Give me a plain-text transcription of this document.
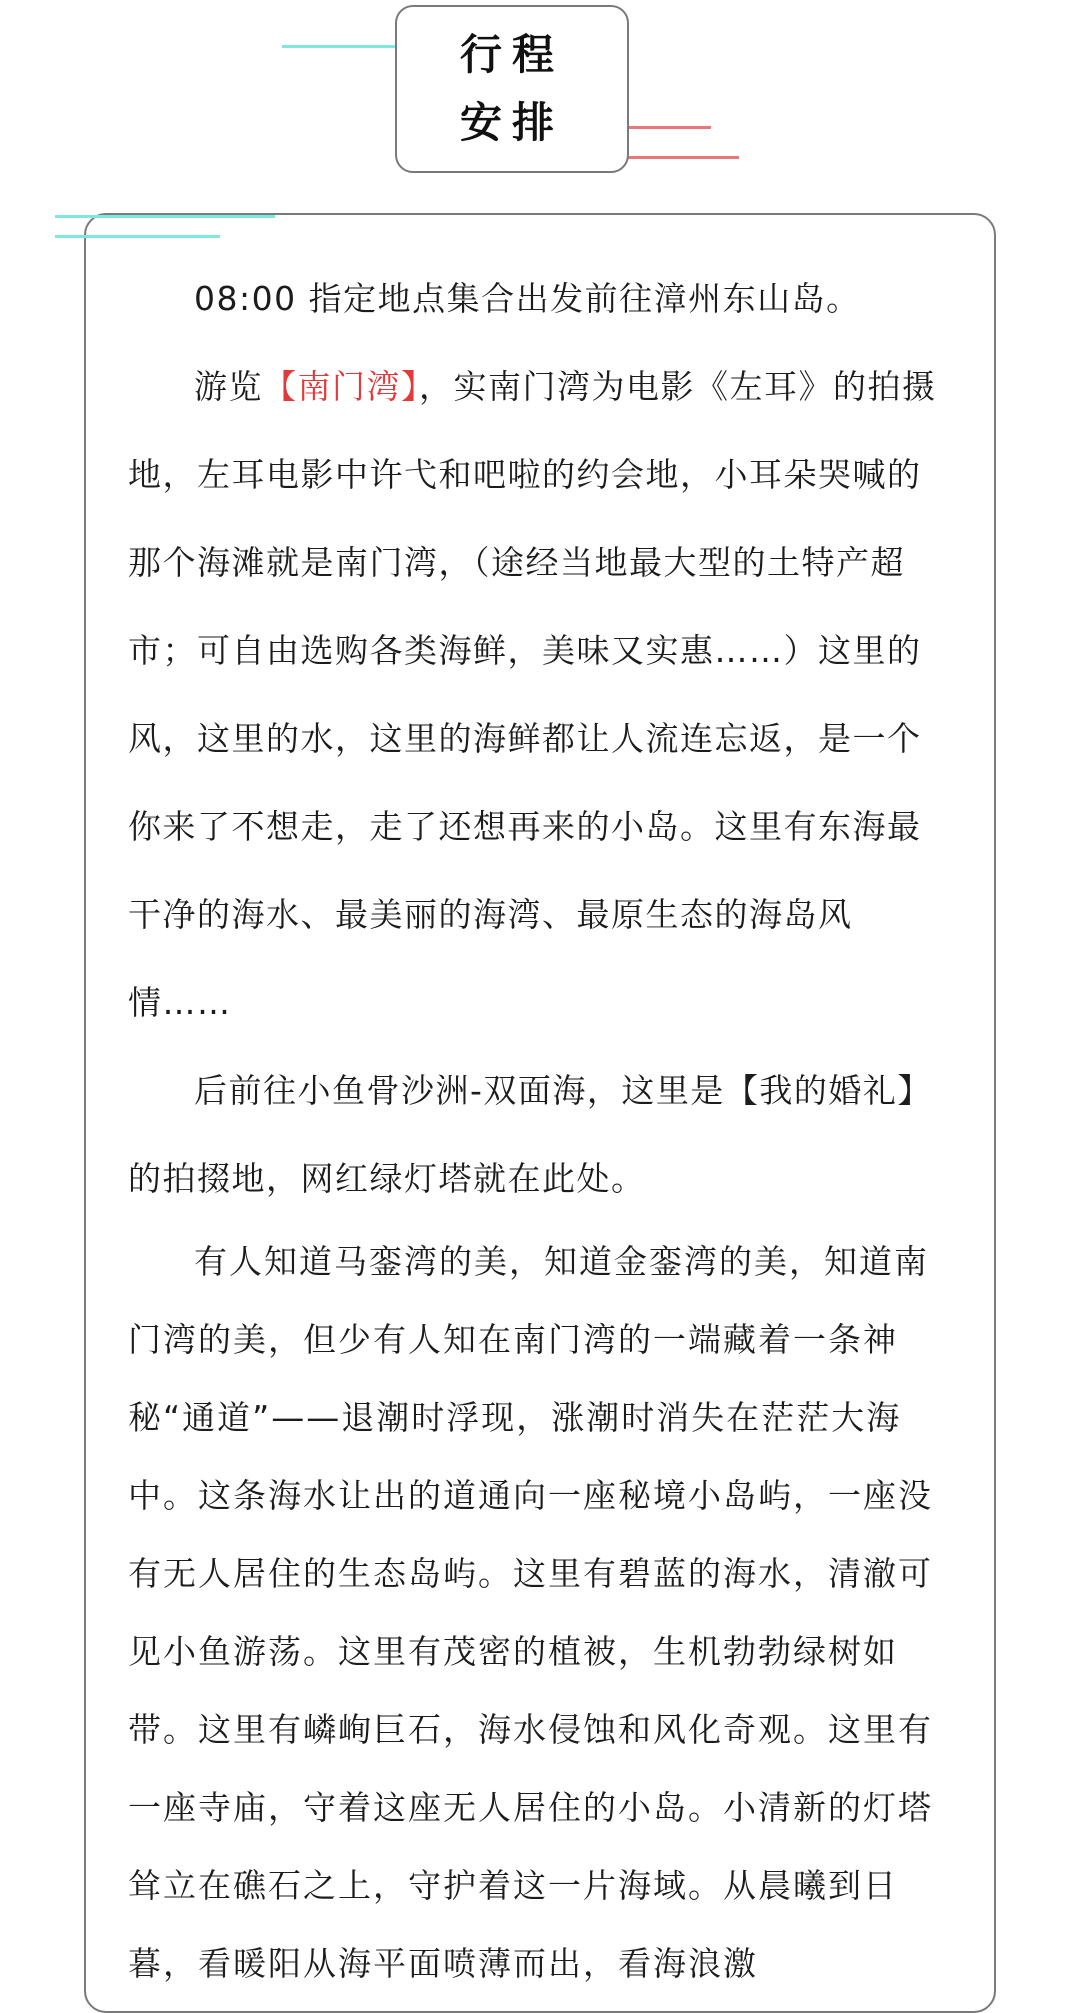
行程
安排

08:00 指定地点集合出发前往漳州东山岛。

游览【南门湾】，实南门湾为电影《左耳》的拍摄地，左耳电影中许弋和吧啦的约会地，小耳朵哭喊的那个海滩就是南门湾，（途经当地最大型的土特产超市；可自由选购各类海鲜，美味又实惠……）这里的风，这里的水，这里的海鲜都让人流连忘返，是一个你来了不想走，走了还想再来的小岛。这里有东海最干净的海水、最美丽的海湾、最原生态的海岛风情……

后前往小鱼骨沙洲-双面海，这里是【我的婚礼】的拍掇地，网红绿灯塔就在此处。

有人知道马銮湾的美，知道金銮湾的美，知道南门湾的美，但少有人知在南门湾的一端藏着一条神秘“通道”——退潮时浮现，涨潮时消失在茫茫大海中。这条海水让出的道通向一座秘境小岛屿，一座没有无人居住的生态岛屿。这里有碧蓝的海水，清澈可见小鱼游荡。这里有茂密的植被，生机勃勃绿树如带。这里有嶙峋巨石，海水侵蚀和风化奇观。这里有一座寺庙，守着这座无人居住的小岛。小清新的灯塔耸立在礁石之上，守护着这一片海域。从晨曦到日暮，看暖阳从海平面喷薄而出，看海浪激
